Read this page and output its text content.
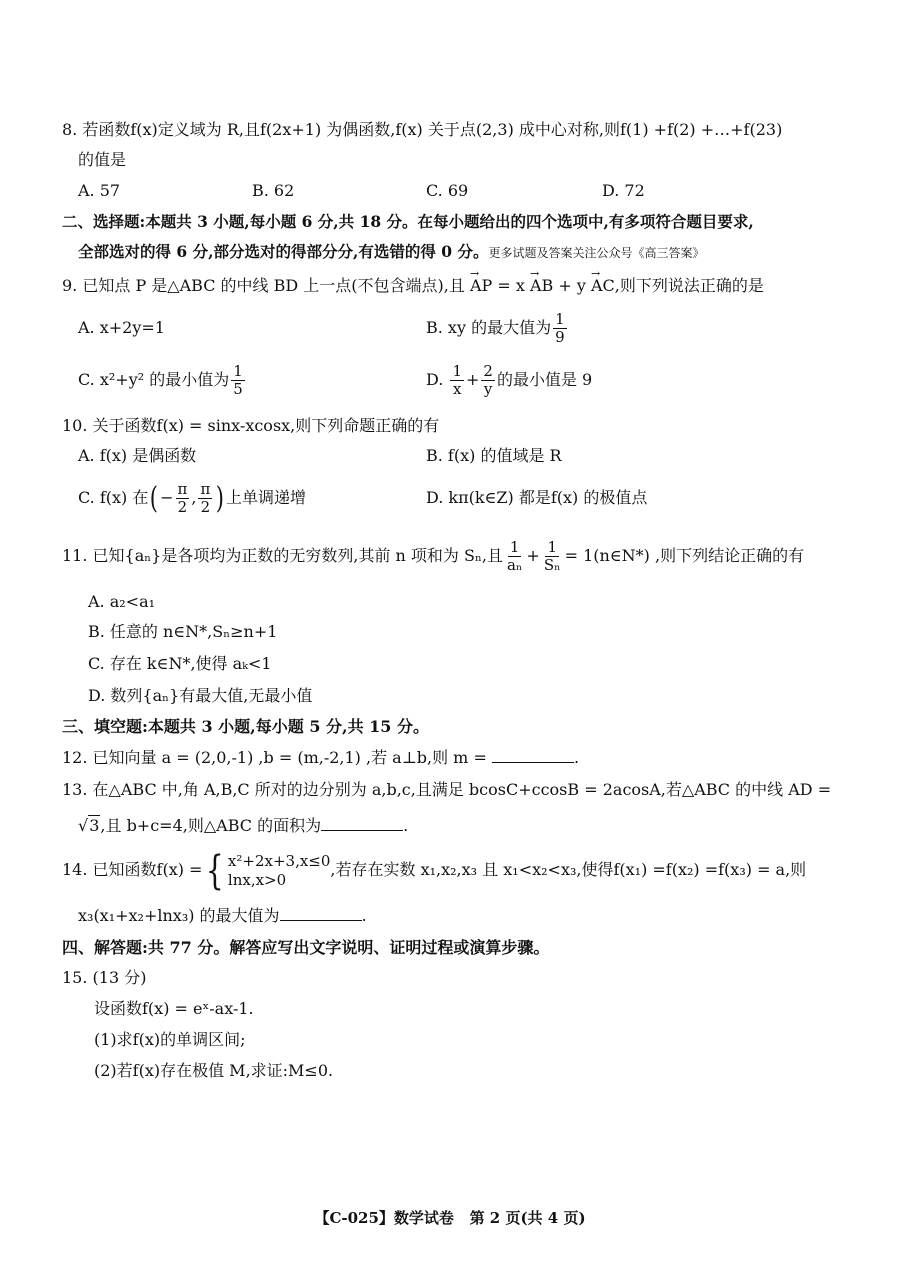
8. 若函数f(x)定义域为 R,且f(2x+1) 为偶函数,f(x) 关于点(2,3) 成中心对称,则f(1) +f(2) +…+f(23)
的值是
A. 57	B. 62	C. 69	D. 72
二、选择题:本题共 3 小题,每小题 6 分,共 18 分。在每小题给出的四个选项中,有多项符合题目要求,
全部选对的得 6 分,部分选对的得部分分,有选错的得 0 分。更多试题及答案关注公众号《高三答案》
9. 已知点 P 是△ABC 的中线 BD 上一点(不包含端点),且 → AP = x → AB + y → AC,则下列说法正确的是
A. x+2y=1	B. xy 的最大值为 $\frac{1}{9}$
C. x²+y² 的最小值为 $\frac{1}{5}$	D. $\frac{1}{x} + \frac{2}{y}$ 的最小值是 9
10. 关于函数f(x) = sinx-xcosx,则下列命题正确的有
A. f(x) 是偶函数	B. f(x) 的值域是 R
C. f(x) 在( − $\frac{\pi}{2}$ , $\frac{\pi}{2}$ ) 上单调递增	D. kπ(k∈Z) 都是f(x) 的极值点
11. 已知{aₙ}是各项均为正数的无穷数列,其前 n 项和为 Sₙ,且 $\frac{1}{\text{aₙ}} + \frac{1}{\text{Sₙ}}$ = 1(n∈N*) ,则下列结论正确的有
A. a₂<a₁
B. 任意的 n∈N*,Sₙ≥n+1
C. 存在 k∈N*,使得 aₖ<1
D. 数列{aₙ}有最大值,无最小值
三、填空题:本题共 3 小题,每小题 5 分,共 15 分。
12. 已知向量 a = (2,0,-1) ,b = (m,-2,1) ,若 a⊥b,则 m =	.
13. 在△ABC 中,角 A,B,C 所对的边分别为 a,b,c,且满足 bcosC+ccosB = 2acosA,若△ABC 的中线 AD =
√3,且 b+c=4,则△ABC 的面积为	.
14. 已知函数f(x) ={ x²+2x+3,x≤0
lnx,x>0
,若存在实数 x₁,x₂,x₃ 且 x₁<x₂<x₃,使得f(x₁) =f(x₂) =f(x₃) = a,则
x₃(x₁+x₂+lnx₃) 的最大值为	.
四、解答题:共 77 分。解答应写出文字说明、证明过程或演算步骤。
15. (13 分)
设函数f(x) = eˣ-ax-1.
(1)求f(x)的单调区间;
(2)若f(x)存在极值 M,求证:M≤0.
【C-025】数学试卷   第 2 页(共 4 页)
